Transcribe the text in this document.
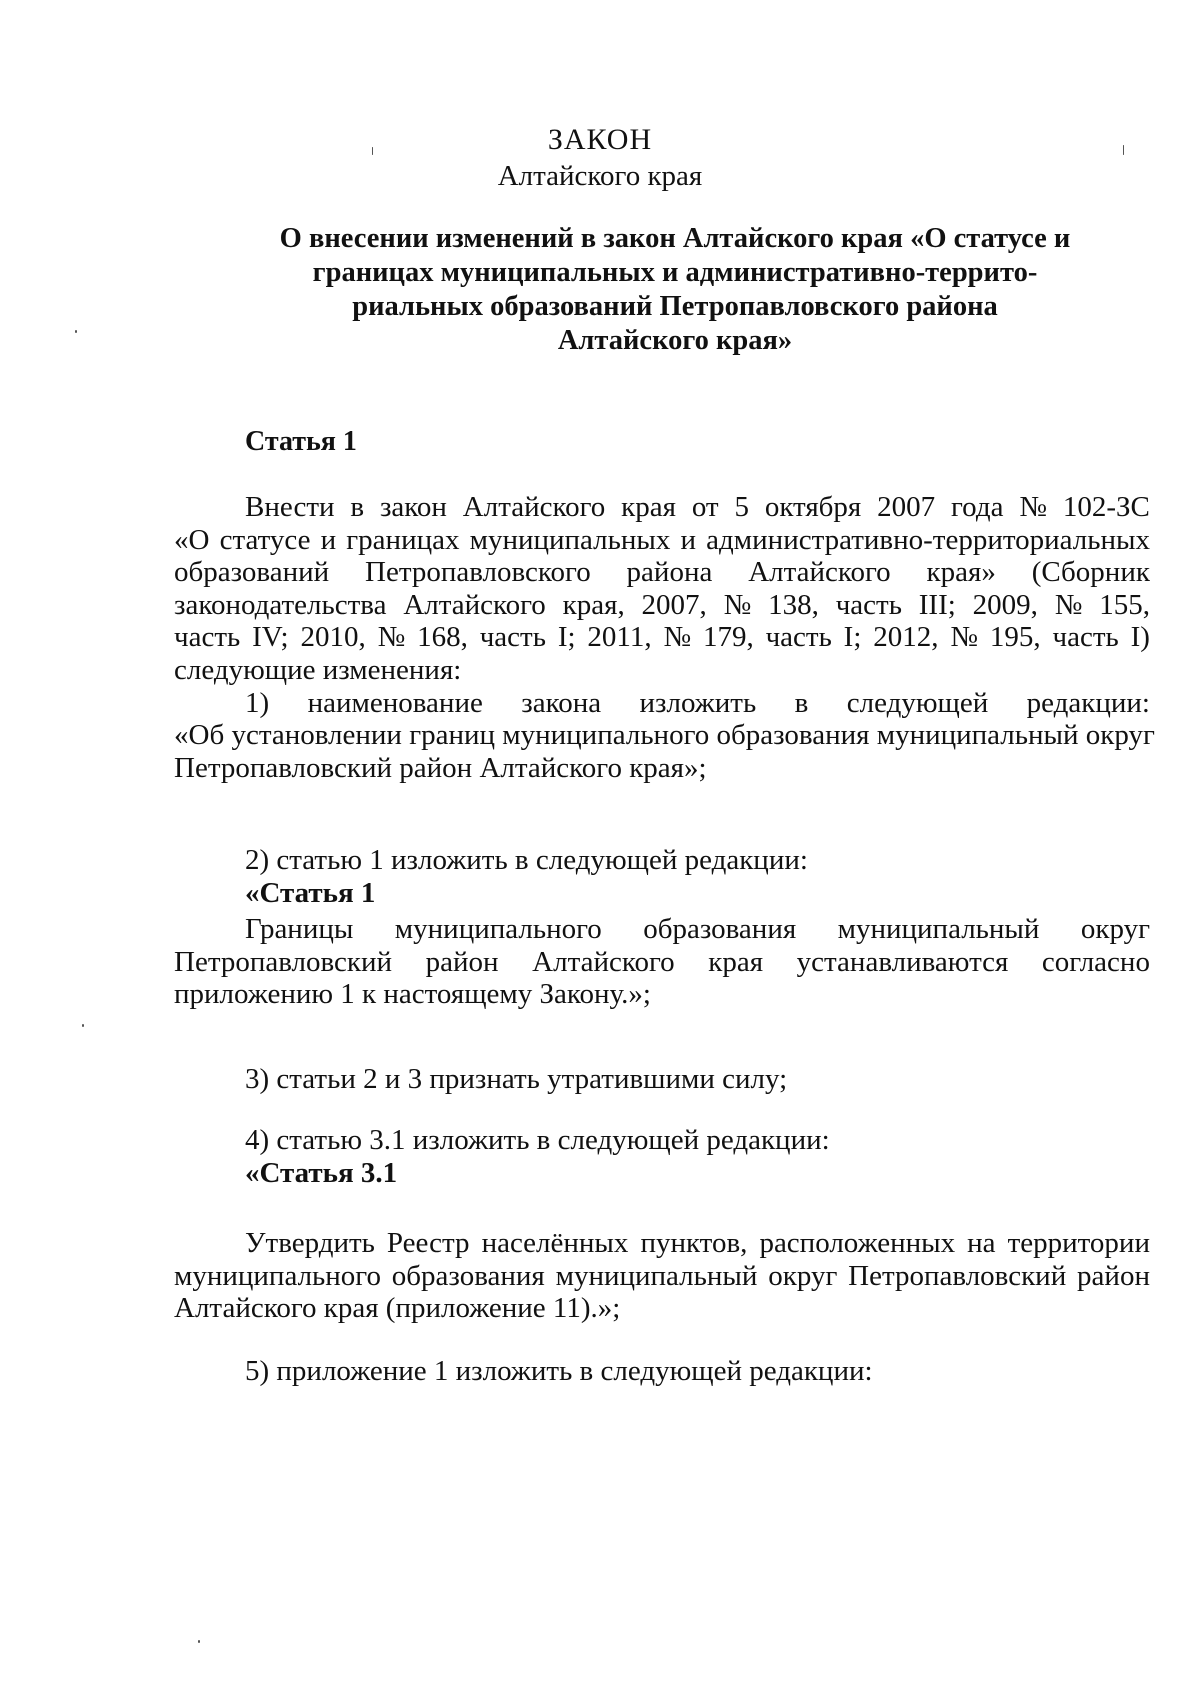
ЗАКОН
Алтайского края
О внесении изменений в закон Алтайского края «О статусе и
границах муниципальных и административно-террито-
риальных образований Петропавловского района
Алтайского края»
Статья 1
Внести в закон Алтайского края от 5 октября 2007 года № 102-ЗС
«О статусе и границах муниципальных и административно-территориальных
образований Петропавловского района Алтайского края» (Сборник
законодательства Алтайского края, 2007, № 138, часть III; 2009, № 155,
часть IV; 2010, № 168, часть I; 2011, № 179, часть I; 2012, № 195, часть I)
следующие изменения:
1) наименование закона изложить в следующей редакции:
«Об установлении границ муниципального образования муниципальный округ
Петропавловский район Алтайского края»;
2) статью 1 изложить в следующей редакции:
«Статья 1
Границы муниципального образования муниципальный округ
Петропавловский район Алтайского края устанавливаются согласно
приложению 1 к настоящему Закону.»;
3) статьи 2 и 3 признать утратившими силу;
4) статью 3.1 изложить в следующей редакции:
«Статья 3.1
Утвердить Реестр населённых пунктов, расположенных на территории
муниципального образования муниципальный округ Петропавловский район
Алтайского края (приложение 11).»;
5) приложение 1 изложить в следующей редакции:
